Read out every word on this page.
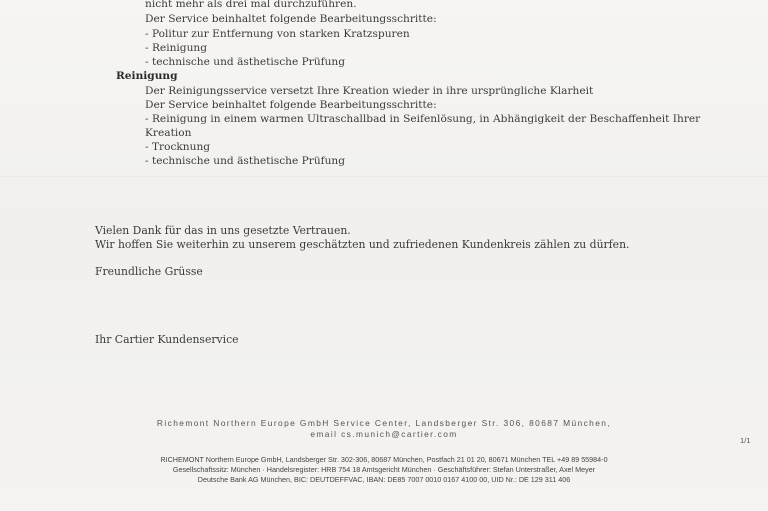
nicht mehr als drei mal durchzuführen.
Der Service beinhaltet folgende Bearbeitungsschritte:
- Politur zur Entfernung von starken Kratzspuren
- Reinigung
- technische und ästhetische Prüfung
Reinigung
Der Reinigungsservice versetzt Ihre Kreation wieder in ihre ursprüngliche Klarheit
Der Service beinhaltet folgende Bearbeitungsschritte:
- Reinigung in einem warmen Ultraschallbad in Seifenlösung, in Abhängigkeit der Beschaffenheit Ihrer
Kreation
- Trocknung
- technische und ästhetische Prüfung
Vielen Dank für das in uns gesetzte Vertrauen.
Wir hoffen Sie weiterhin zu unserem geschätzten und zufriedenen Kundenkreis zählen zu dürfen.
Freundliche Grüsse
Ihr Cartier Kundenservice
Richemont Northern Europe GmbH Service Center, Landsberger Str. 306, 80687 München,
email cs.munich@cartier.com
1/1
RICHEMONT Northern Europe GmbH, Landsberger Str. 302-306, 80687 München, Postfach 21 01 20, 80671 München TEL +49 89 55984-0
Gesellschaftssitz: München · Handelsregister: HRB 754 18 Amtsgericht München · Geschäftsführer: Stefan Unterstraßer, Axel Meyer
Deutsche Bank AG München, BIC: DEUTDEFFVAC, IBAN: DE85 7007 0010 0167 4100 00, UID Nr.: DE 129 311 406
